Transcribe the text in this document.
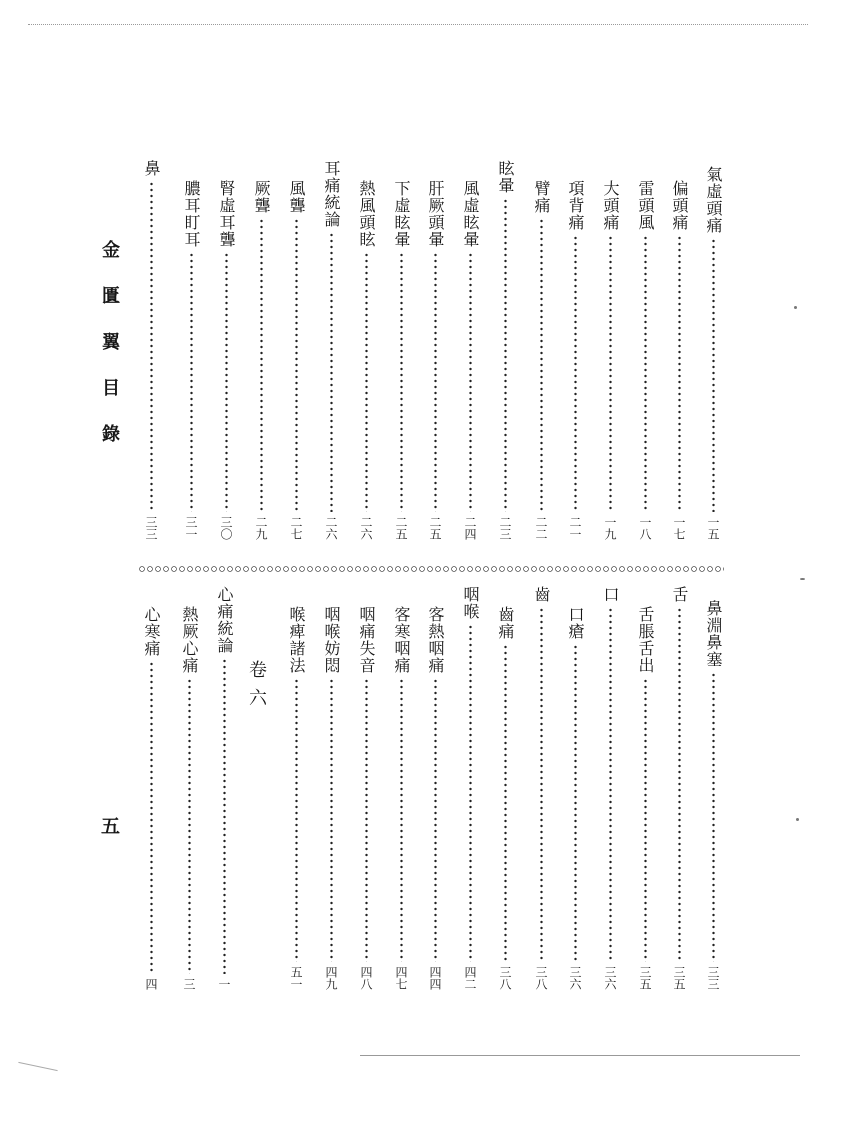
金匱翼目錄
五
氣虛頭痛
一五
偏頭痛
一七
雷頭風
一八
大頭痛
一九
項背痛
二一
臂痛
二二
眩暈
二三
風虛眩暈
二四
肝厥頭暈
二五
下虛眩暈
二五
熱風頭眩
二六
耳痛統論
二六
風聾
二七
厥聾
二九
腎虛耳聾
三〇
膿耳盯耳
三一
鼻
三三
鼻淵鼻塞
三三
舌
三五
舌脹舌出
三五
口
三六
口瘡
三六
齒
三八
齒痛
三八
咽喉
四二
客熱咽痛
四四
客寒咽痛
四七
咽痛失音
四八
咽喉妨悶
四九
喉痺諸法
五一
卷六
心痛統論
一
熱厥心痛
三
心寒痛
四
